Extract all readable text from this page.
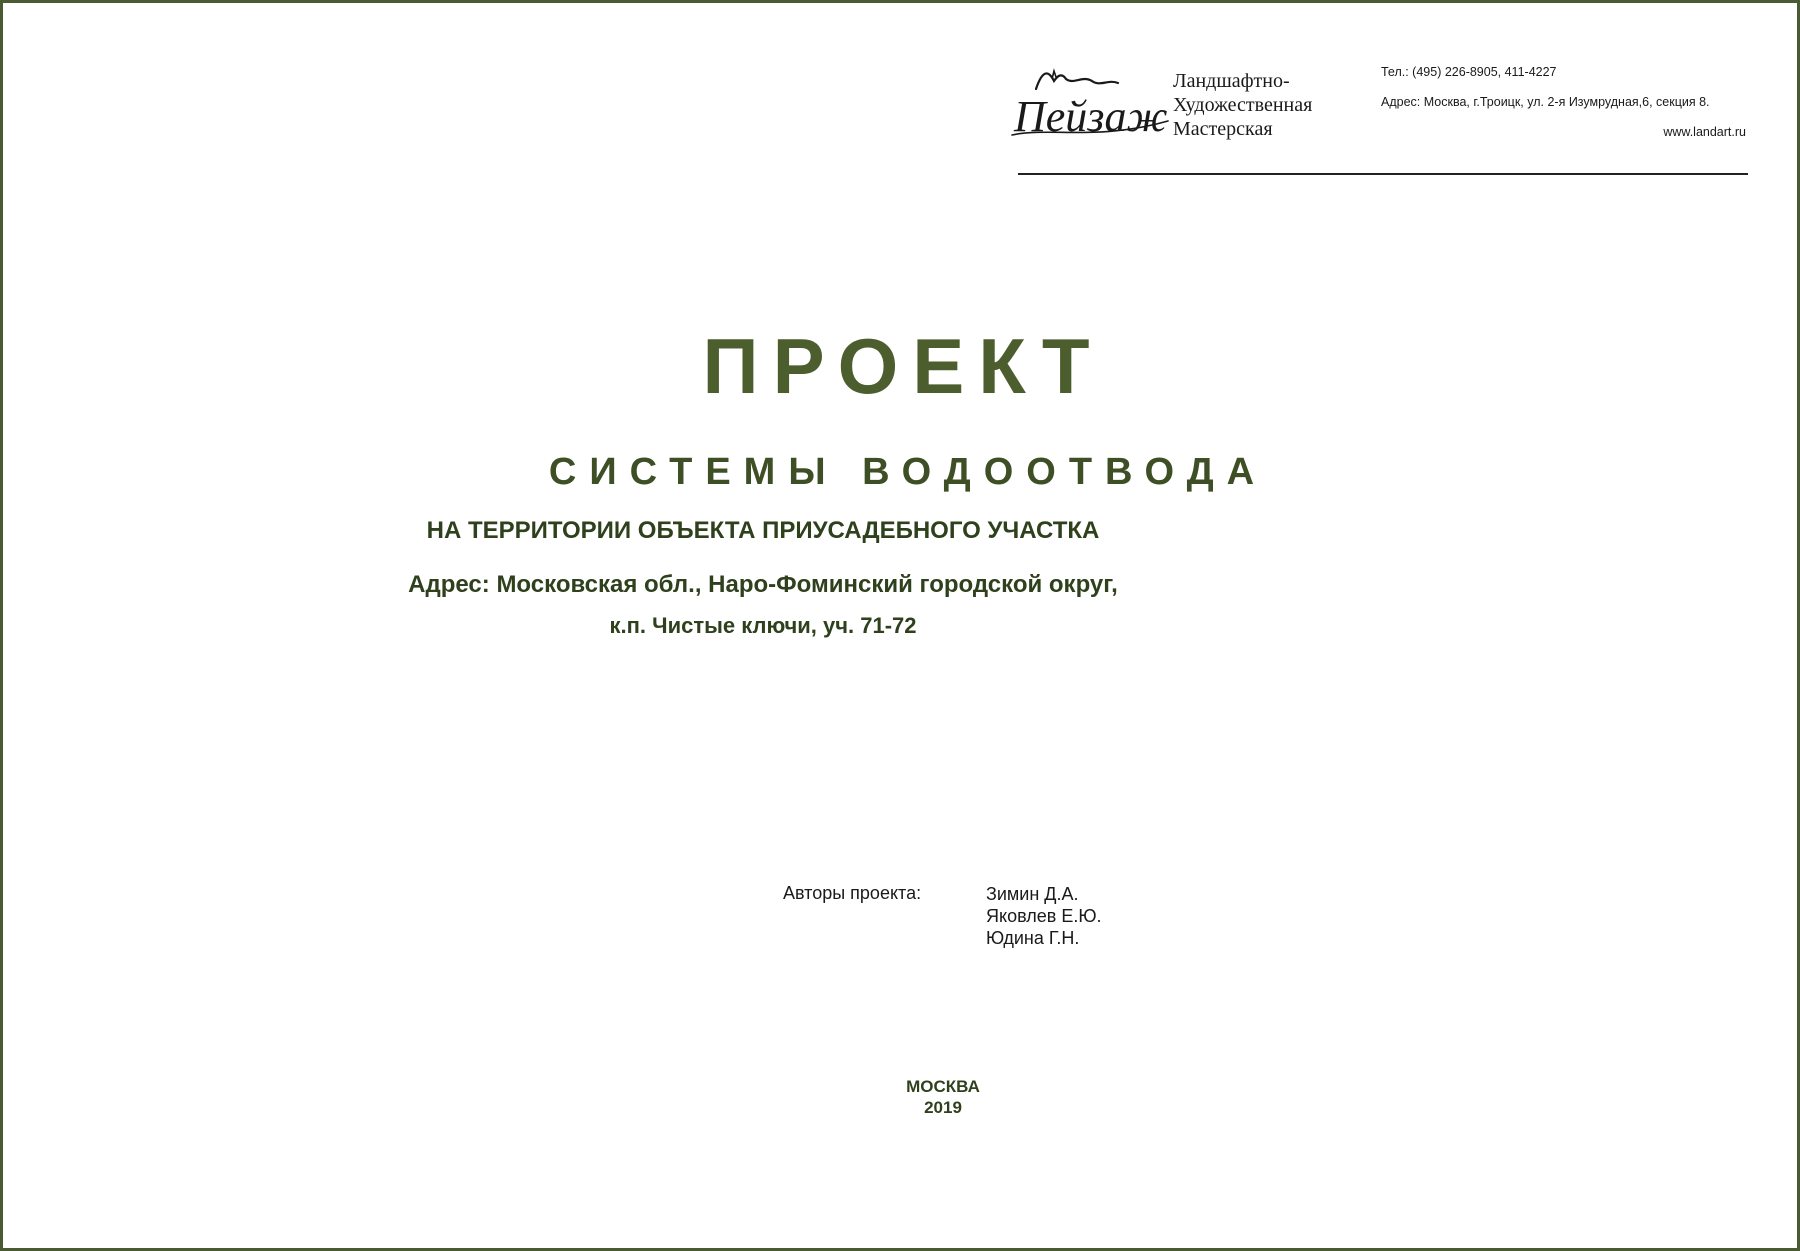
Пейзаж
Ландшафтно-
Художественная
Мастерская
Тел.: (495) 226-8905, 411-4227
Адрес: Москва, г.Троицк, ул. 2-я Изумрудная,6, секция 8.
www.landart.ru
ПРОЕКТ
СИСТЕМЫ ВОДООТВОДА
НА ТЕРРИТОРИИ ОБЪЕКТА ПРИУСАДЕБНОГО УЧАСТКА
Адрес: Московская обл., Наро-Фоминский городской округ,
к.п. Чистые ключи, уч. 71-72
Авторы проекта:	Зимин Д.А.
Яковлев Е.Ю.
Юдина Г.Н.
МОСКВА
2019
